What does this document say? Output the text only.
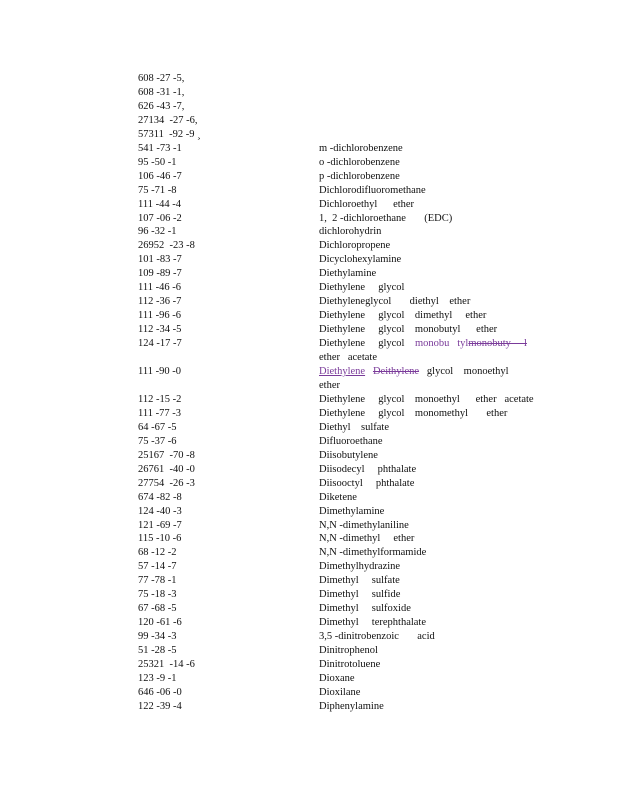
608 -27 -5,
608 -31 -1,
626 -43 -7,
27134  -27 -6,
57311  -92 -9 ¸
541 -73 -1	m -dichlorobenzene
95 -50 -1	o -dichlorobenzene
106 -46 -7	p -dichlorobenzene
75 -71 -8	Dichlorodifluoromethane
111 -44 -4	Dichloroethyl      ether
107 -06 -2	1,  2 -dichloroethane       (EDC)
96 -32 -1	dichlorohydrin
26952  -23 -8	Dichloropropene
101 -83 -7	Dicyclohexylamine
109 -89 -7	Diethylamine
111 -46 -6	Diethylene     glycol
112 -36 -7	Diethyleneglycol       diethyl    ether
111 -96 -6	Diethylene     glycol    dimethyl     ether
112 -34 -5	Diethylene     glycol    monobutyl      ether
124 -17 -7	Diethylene     glycol    monobu   tylmonobuty     l
ether   acetate
111 -90 -0	Diethylene Deithylene   glycol    monoethyl
ether
112 -15 -2	Diethylene     glycol    monoethyl      ether   acetate
111 -77 -3	Diethylene     glycol    monomethyl       ether
64 -67 -5	Diethyl    sulfate
75 -37 -6	Difluoroethane
25167  -70 -8	Diisobutylene
26761  -40 -0	Diisodecyl     phthalate
27754  -26 -3	Diisooctyl     phthalate
674 -82 -8	Diketene
124 -40 -3	Dimethylamine
121 -69 -7	N,N -dimethylaniline
115 -10 -6	N,N -dimethyl     ether
68 -12 -2	N,N -dimethylformamide
57 -14 -7	Dimethylhydrazine
77 -78 -1	Dimethyl     sulfate
75 -18 -3	Dimethyl     sulfide
67 -68 -5	Dimethyl     sulfoxide
120 -61 -6	Dimethyl     terephthalate
99 -34 -3	3,5 -dinitrobenzoic       acid
51 -28 -5	Dinitrophenol
25321  -14 -6	Dinitrotoluene
123 -9 -1	Dioxane
646 -06 -0	Dioxilane
122 -39 -4	Diphenylamine
